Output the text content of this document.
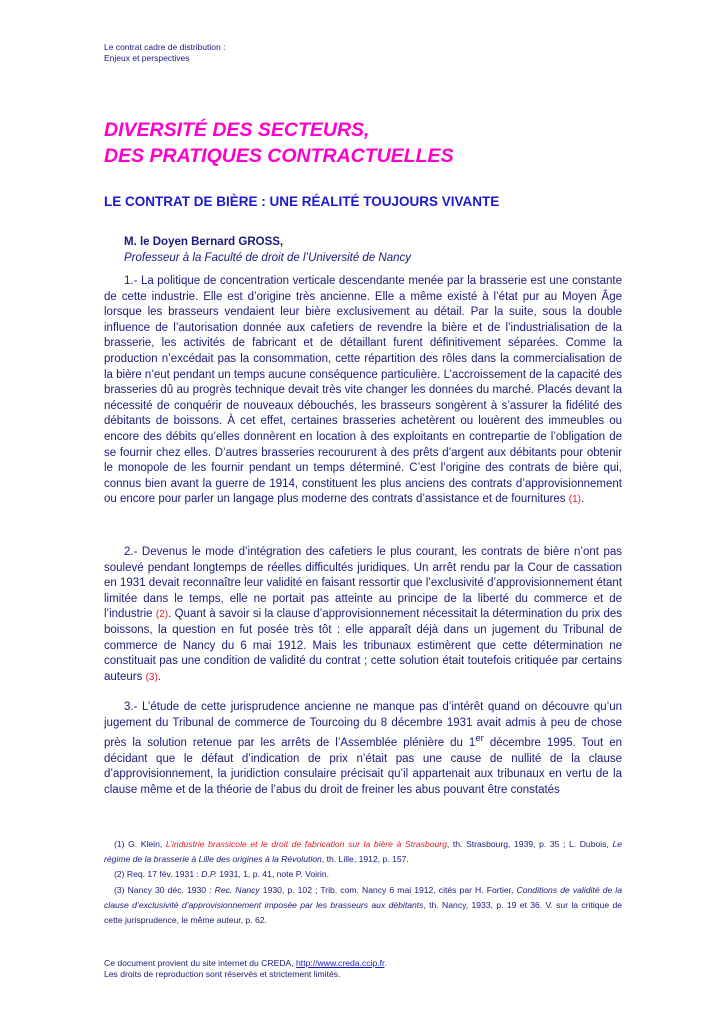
Le contrat cadre de distribution :
Enjeux et perspectives
DIVERSITÉ DES SECTEURS,
DES PRATIQUES CONTRACTUELLES
LE CONTRAT DE BIÈRE : UNE RÉALITÉ TOUJOURS VIVANTE
M. le Doyen Bernard GROSS,
Professeur à la Faculté de droit de l’Université de Nancy

1.- La politique de concentration verticale descendante menée par la brasserie est une constante de cette industrie. Elle est d’origine très ancienne. Elle a même existé à l’état pur au Moyen Âge lorsque les brasseurs vendaient leur bière exclusivement au détail. Par la suite, sous la double influence de l’autorisation donnée aux cafetiers de revendre la bière et de l’industrialisation de la brasserie, les activités de fabricant et de détaillant furent définitivement séparées. Comme la production n’excédait pas la consommation, cette répartition des rôles dans la commercialisation de la bière n’eut pendant un temps aucune conséquence particulière. L’accroissement de la capacité des brasseries dû au progrès technique devait très vite changer les données du marché. Placés devant la nécessité de conquérir de nouveaux débouchés, les brasseurs songèrent à s’assurer la fidélité des débitants de boissons. À cet effet, certaines brasseries achetèrent ou louèrent des immeubles ou encore des débits qu’elles donnèrent en location à des exploitants en contrepartie de l’obligation de se fournir chez elles. D’autres brasseries recoururent à des prêts d’argent aux débitants pour obtenir le monopole de les fournir pendant un temps déterminé. C’est l’origine des contrats de bière qui, connus bien avant la guerre de 1914, constituent les plus anciens des contrats d’approvisionnement ou encore pour parler un langage plus moderne des contrats d’assistance et de fournitures (1).

2.- Devenus le mode d’intégration des cafetiers le plus courant, les contrats de bière n’ont pas soulevé pendant longtemps de réelles difficultés juridiques. Un arrêt rendu par la Cour de cassation en 1931 devait reconnaître leur validité en faisant ressortir que l’exclusivité d’approvisionnement étant limitée dans le temps, elle ne portait pas atteinte au principe de la liberté du commerce et de l’industrie (2). Quant à savoir si la clause d’approvisionnement nécessitait la détermination du prix des boissons, la question en fut posée très tôt : elle apparaît déjà dans un jugement du Tribunal de commerce de Nancy du 6 mai 1912. Mais les tribunaux estimèrent que cette détermination ne constituait pas une condition de validité du contrat ; cette solution était toutefois critiquée par certains auteurs (3).

3.- L’étude de cette jurisprudence ancienne ne manque pas d’intérêt quand on découvre qu’un jugement du Tribunal de commerce de Tourcoing du 8 décembre 1931 avait admis à peu de chose près la solution retenue par les arrêts de l’Assemblée plénière du 1er décembre 1995. Tout en décidant que le défaut d’indication de prix n’était pas une cause de nullité de la clause d’approvisionnement, la juridiction consulaire précisait qu’il appartenait aux tribunaux en vertu de la clause même et de la théorie de l’abus du droit de freiner les abus pouvant être constatés

(1) G. Klein, L’industrie brassicole et le droit de fabrication sur la bière à Strasbourg, th. Strasbourg, 1939, p. 35 ; L. Dubois, Le régime de la brasserie à Lille des origines à la Révolution, th. Lille, 1912, p. 157.

(2) Req. 17 fév. 1931 : D.P. 1931, 1, p. 41, note P. Voirin.

(3) Nancy 30 déc. 1930 : Rec. Nancy 1930, p. 102 ; Trib. com. Nancy 6 mai 1912, cités par H. Fortier, Conditions de validité de la clause d’exclusivité d’approvisionnement imposée par les brasseurs aux débitants, th. Nancy, 1933, p. 19 et 36. V. sur la critique de cette jurisprudence, le même auteur, p. 62.

Ce document provient du site internet du CREDA, http://www.creda.ccip.fr.
Les droits de reproduction sont réservés et strictement limités.
